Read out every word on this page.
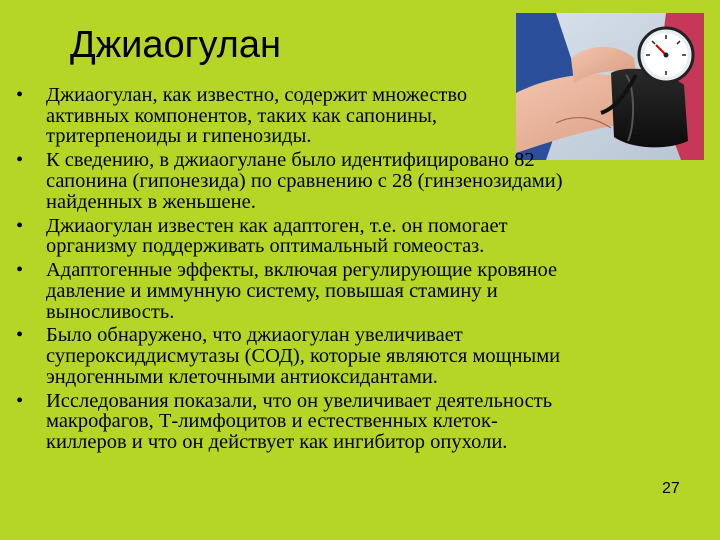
Джиаогулан
•	Джиаогулан, как известно, содержит множество
активных компонентов, таких как сапонины,
тритерпеноиды и гипенозиды.
•	К сведению, в джиаогулане было идентифицировано 82
сапонина (гипонезида) по сравнению с 28 (гинзенозидами)
найденных в женьшене.
•	Джиаогулан известен как адаптоген, т.е. он помогает
организму поддерживать оптимальный гомеостаз.
•	Адаптогенные эффекты, включая регулирующие кровяное
давление и иммунную систему, повышая стамину и
выносливость.
•	Было обнаружено, что джиаогулан увеличивает
супероксиддисмутазы (СОД), которые являются мощными
эндогенными клеточными антиоксидантами.
•	Исследования показали, что он увеличивает деятельность
макрофагов, Т-лимфоцитов и естественных клеток-
киллеров и что он действует как ингибитор опухоли.
27
